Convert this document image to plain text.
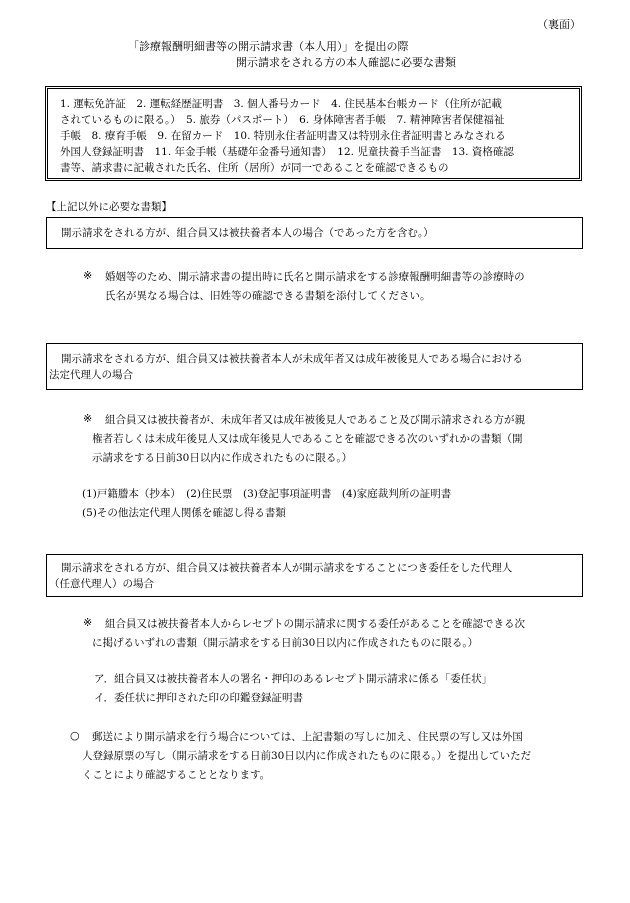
（裏面）
「診療報酬明細書等の開示請求書（本人用）」を提出の際
開示請求をされる方の本人確認に必要な書類
1. 運転免許証　2. 運転経歴証明書　3. 個人番号カード　4. 住民基本台帳カード（住所が記載
されているものに限る。）　5. 旅券（パスポート）　6. 身体障害者手帳　7. 精神障害者保健福祉
手帳　8. 療育手帳　9. 在留カード　10. 特別永住者証明書又は特別永住者証明書とみなされる
外国人登録証明書　11. 年金手帳（基礎年金番号通知書）　12. 児童扶養手当証書　13. 資格確認
書等、請求書に記載された氏名、住所（居所）が同一であることを確認できるもの
【上記以外に必要な書類】
開示請求をされる方が、組合員又は被扶養者本人の場合（であった方を含む。）
※ 婚姻等のため、開示請求書の提出時に氏名と開示請求をする診療報酬明細書等の診療時の
氏名が異なる場合は、旧姓等の確認できる書類を添付してください。
開示請求をされる方が、組合員又は被扶養者本人が未成年者又は成年被後見人である場合における
法定代理人の場合
※ 組合員又は被扶養者が、未成年者又は成年被後見人であること及び開示請求される方が親
権者若しくは未成年後見人又は成年後見人であることを確認できる次のいずれかの書類（開
示請求をする日前30日以内に作成されたものに限る。）
(1)戸籍謄本（抄本）　(2)住民票　(3)登記事項証明書　(4)家庭裁判所の証明書
(5)その他法定代理人関係を確認し得る書類
開示請求をされる方が、組合員又は被扶養者本人が開示請求をすることにつき委任をした代理人
（任意代理人）の場合
※ 組合員又は被扶養者本人からレセプトの開示請求に関する委任があることを確認できる次
に掲げるいずれの書類（開示請求をする日前30日以内に作成されたものに限る。）
ア．組合員又は被扶養者本人の署名・押印のあるレセプト開示請求に係る「委任状」
イ．委任状に押印された印の印鑑登録証明書
○ 郵送により開示請求を行う場合については、上記書類の写しに加え、住民票の写し又は外国
人登録原票の写し（開示請求をする日前30日以内に作成されたものに限る。）を提出していただ
くことにより確認することとなります。
